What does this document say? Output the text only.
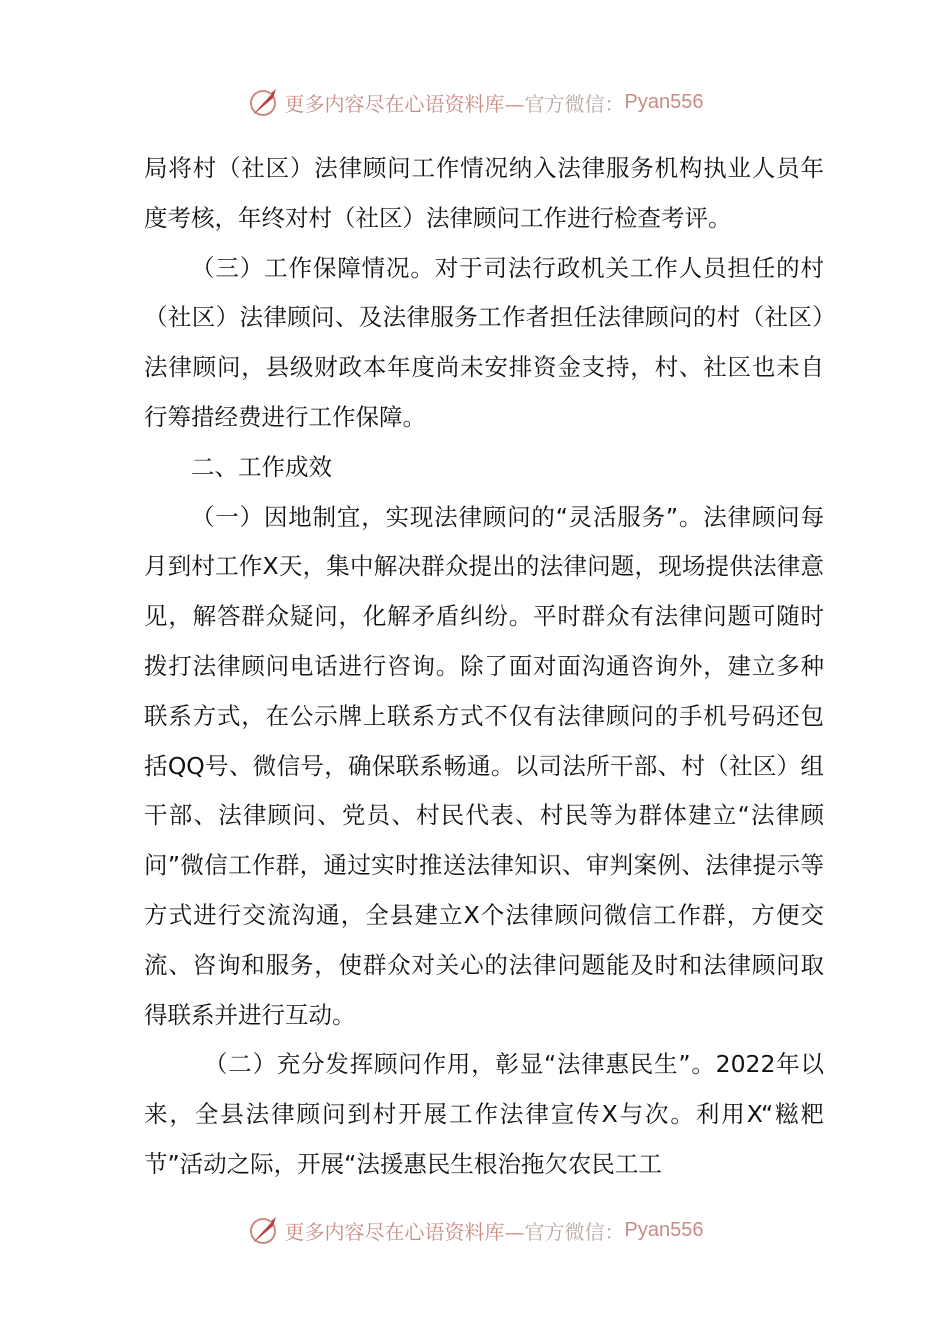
更多内容尽在心语资料库— 官方微信： Pyan556

局将村（社区）法律顾问工作情况纳入法律服务机构执业人员年度考核，年终对村（社区）法律顾问工作进行检查考评。

（三）工作保障情况。对于司法行政机关工作人员担任的村（社区）法律顾问、及法律服务工作者担任法律顾问的村（社区）法律顾问，县级财政本年度尚未安排资金支持，村、社区也未自行筹措经费进行工作保障。

二、工作成效

（一）因地制宜，实现法律顾问的“灵活服务”。法律顾问每月到村工作X天，集中解决群众提出的法律问题，现场提供法律意见，解答群众疑问，化解矛盾纠纷。平时群众有法律问题可随时拨打法律顾问电话进行咨询。除了面对面沟通咨询外，建立多种联系方式，在公示牌上联系方式不仅有法律顾问的手机号码还包括QQ号、微信号，确保联系畅通。以司法所干部、村（社区）组干部、法律顾问、党员、村民代表、村民等为群体建立“法律顾问”微信工作群，通过实时推送法律知识、审判案例、法律提示等方式进行交流沟通，全县建立X个法律顾问微信工作群，方便交流、咨询和服务，使群众对关心的法律问题能及时和法律顾问取得联系并进行互动。

（二）充分发挥顾问作用，彰显“法律惠民生”。2022年以来，全县法律顾问到村开展工作法律宣传X与次。利用X“糍粑节”活动之际，开展“法援惠民生根治拖欠农民工工

更多内容尽在心语资料库— 官方微信： Pyan556
